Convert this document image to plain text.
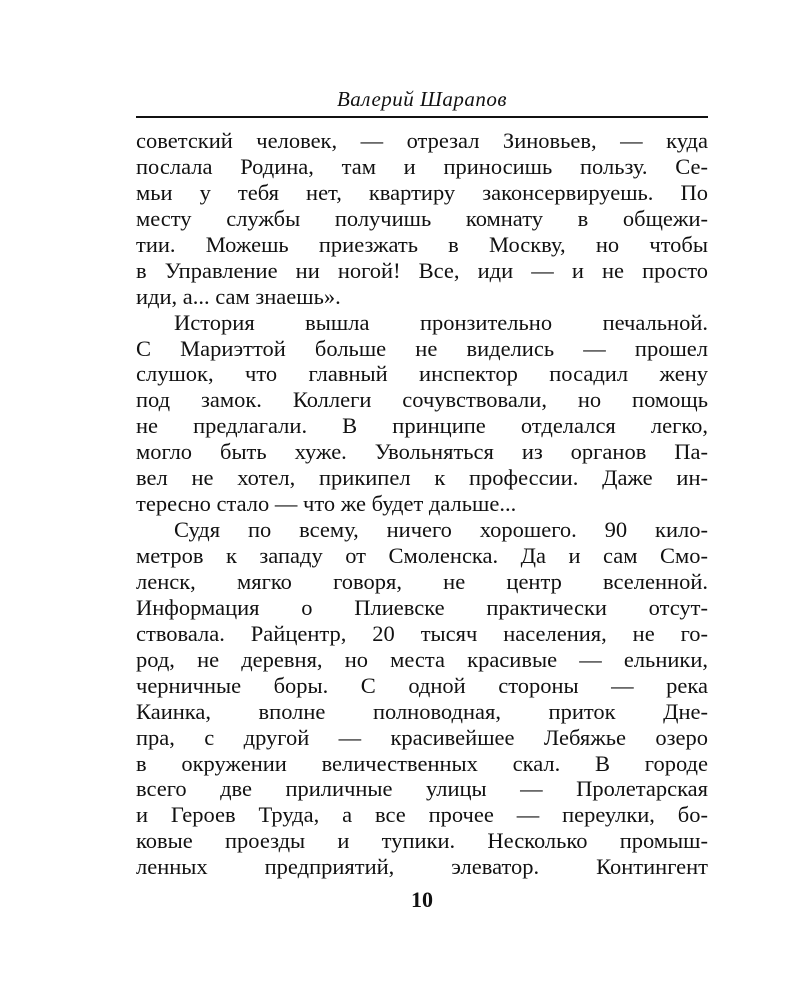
Валерий Шарапов
советский человек, — отрезал Зиновьев, — куда
послала Родина, там и приносишь пользу. Се-
мьи у тебя нет, квартиру законсервируешь. По
месту службы получишь комнату в общежи-
тии. Можешь приезжать в Москву, но чтобы
в Управление ни ногой! Все, иди — и не просто
иди, а... сам знаешь».
История вышла пронзительно печальной.
С Мариэттой больше не виделись — прошел
слушок, что главный инспектор посадил жену
под замок. Коллеги сочувствовали, но помощь
не предлагали. В принципе отделался легко,
могло быть хуже. Увольняться из органов Па-
вел не хотел, прикипел к профессии. Даже ин-
тересно стало — что же будет дальше...
Судя по всему, ничего хорошего. 90 кило-
метров к западу от Смоленска. Да и сам Смо-
ленск, мягко говоря, не центр вселенной.
Информация о Плиевске практически отсут-
ствовала. Райцентр, 20 тысяч населения, не го-
род, не деревня, но места красивые — ельники,
черничные боры. С одной стороны — река
Каинка, вполне полноводная, приток Дне-
пра, с другой — красивейшее Лебяжье озеро
в окружении величественных скал. В городе
всего две приличные улицы — Пролетарская
и Героев Труда, а все прочее — переулки, бо-
ковые проезды и тупики. Несколько промыш-
ленных предприятий, элеватор. Контингент
10
